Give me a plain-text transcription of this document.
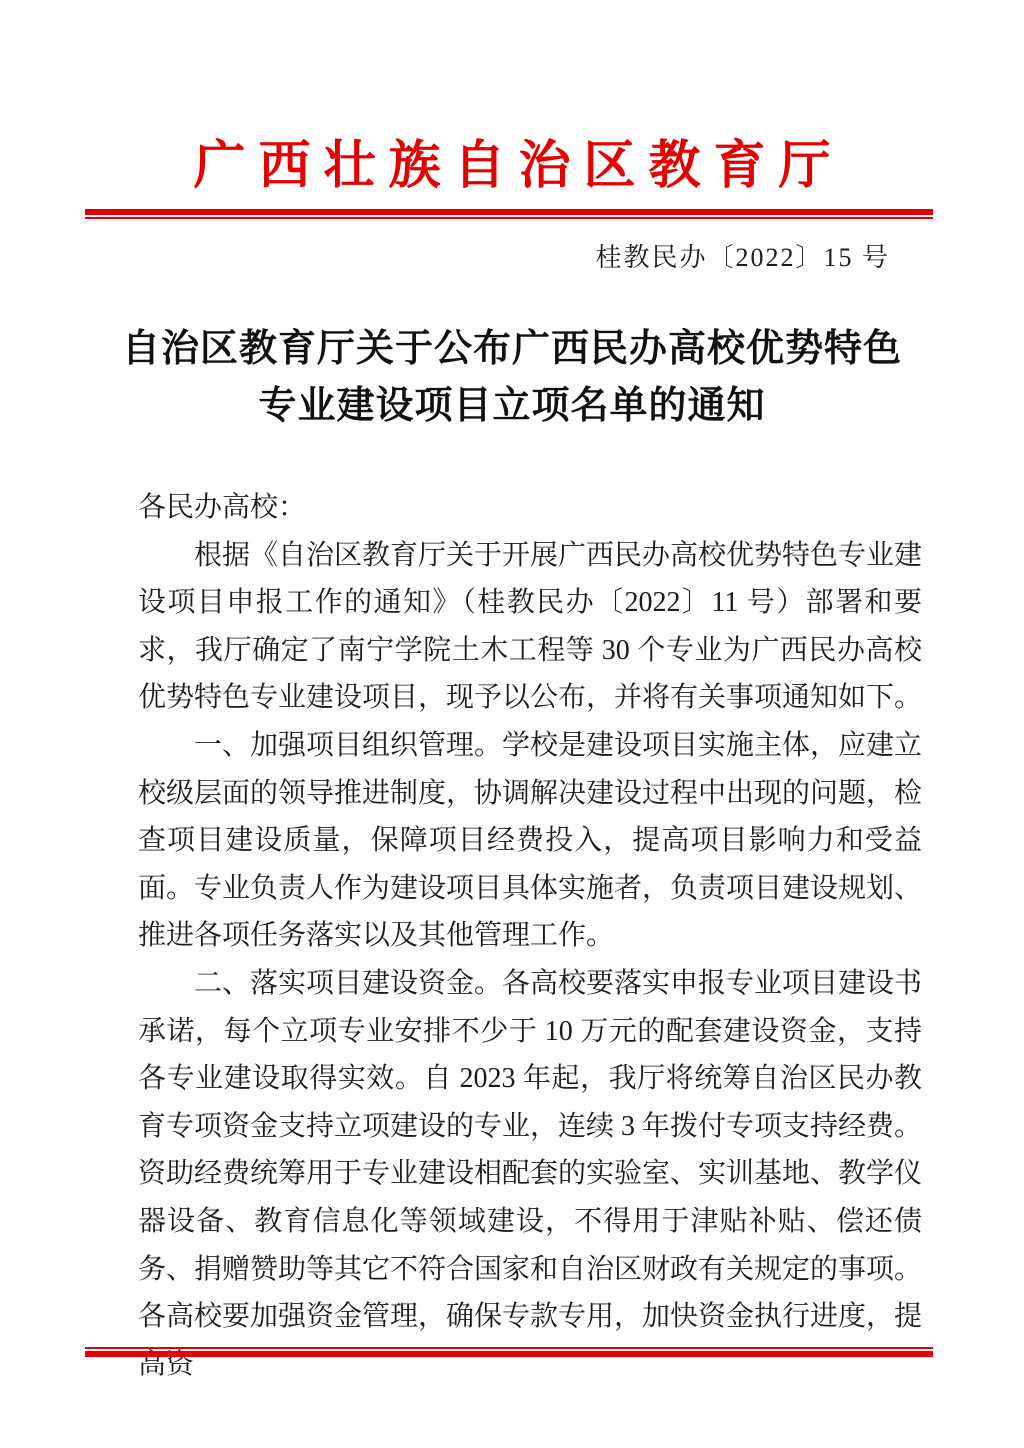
广西壮族自治区教育厅

桂教民办〔2022〕15 号

自治区教育厅关于公布广西民办高校优势特色
专业建设项目立项名单的通知

各民办高校：

根据《自治区教育厅关于开展广西民办高校优势特色专业建设项目申报工作的通知》（桂教民办〔2022〕11 号）部署和要求，我厅确定了南宁学院土木工程等 30 个专业为广西民办高校优势特色专业建设项目，现予以公布，并将有关事项通知如下。

一、加强项目组织管理。学校是建设项目实施主体，应建立校级层面的领导推进制度，协调解决建设过程中出现的问题，检查项目建设质量，保障项目经费投入，提高项目影响力和受益面。专业负责人作为建设项目具体实施者，负责项目建设规划、推进各项任务落实以及其他管理工作。

二、落实项目建设资金。各高校要落实申报专业项目建设书承诺，每个立项专业安排不少于 10 万元的配套建设资金，支持各专业建设取得实效。自 2023 年起，我厅将统筹自治区民办教育专项资金支持立项建设的专业，连续 3 年拨付专项支持经费。资助经费统筹用于专业建设相配套的实验室、实训基地、教学仪器设备、教育信息化等领域建设，不得用于津贴补贴、偿还债务、捐赠赞助等其它不符合国家和自治区财政有关规定的事项。各高校要加强资金管理，确保专款专用，加快资金执行进度，提高资
